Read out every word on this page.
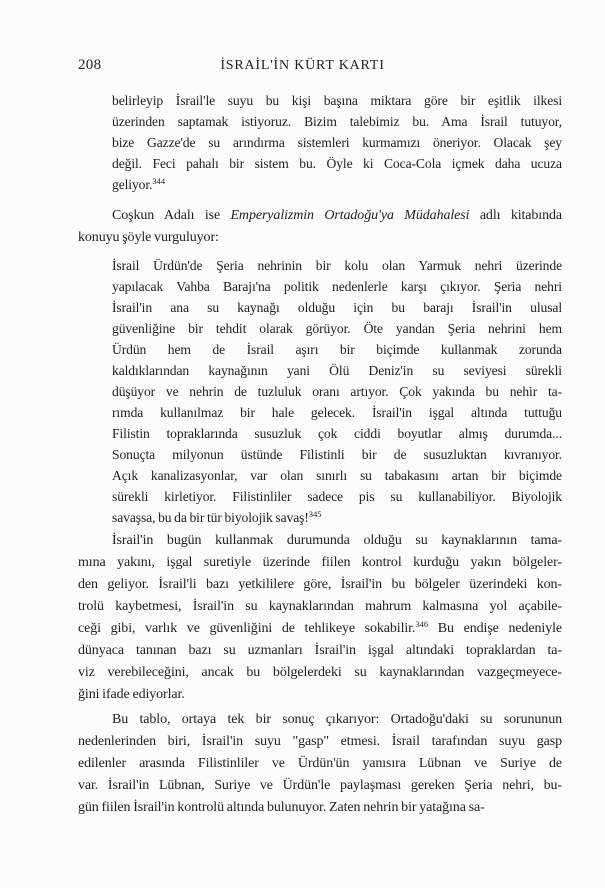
208	İSRAİL'İN KÜRT KARTI
belirleyip İsrail'le suyu bu kişi başına miktara göre bir eşitlik ilkesi
üzerinden saptamak istiyoruz. Bizim talebimiz bu. Ama İsrail tutuyor,
bize Gazze'de su arındırma sistemleri kurmamızı öneriyor. Olacak şey
değil. Feci pahalı bir sistem bu. Öyle ki Coca-Cola içmek daha ucuza
geliyor.$^{344}$
Coşkun Adalı ise Emperyalizmin Ortadoğu'ya Müdahalesi adlı kitabında
konuyu şöyle vurguluyor:
İsrail Ürdün'de Şeria nehrinin bir kolu olan Yarmuk nehri üzerinde
yapılacak Vahba Barajı'na politik nedenlerle karşı çıkıyor. Şeria nehri
İsrail'in ana su kaynağı olduğu için bu barajı İsrail'in ulusal
güvenliğine bir tehdit olarak görüyor. Öte yandan Şeria nehrini hem
Ürdün hem de İsrail aşırı bir biçimde kullanmak zorunda
kaldıklarından kaynağının yani Ölü Deniz'in su seviyesi sürekli
düşüyor ve nehrin de tuzluluk oranı artıyor. Çok yakında bu nehir ta-
rımda kullanılmaz bir hale gelecek. İsrail'in işgal altında tuttuğu
Filistin topraklarında susuzluk çok ciddi boyutlar almış durumda...
Sonuçta milyonun üstünde Filistinli bir de susuzluktan kıvranıyor.
Açık kanalizasyonlar, var olan sınırlı su tabakasını artan bir biçimde
sürekli kirletiyor. Filistinliler sadece pis su kullanabiliyor. Biyolojik
savaşsa, bu da bir tür biyolojik savaş!$^{345}$
İsrail'in bugün kullanmak durumunda olduğu su kaynaklarının tama-
mına yakını, işgal suretiyle üzerinde fiilen kontrol kurduğu yakın bölgeler-
den geliyor. İsrail'li bazı yetkililere göre, İsrail'in bu bölgeler üzerindeki kon-
trolü kaybetmesi, İsrail'in su kaynaklarından mahrum kalmasına yol açabile-
ceği gibi, varlık ve güvenliğini de tehlikeye sokabilir.$^{346}$ Bu endişe nedeniyle
dünyaca tanınan bazı su uzmanları İsrail'in işgal altındaki topraklardan ta-
viz verebileceğini, ancak bu bölgelerdeki su kaynaklarından vazgeçmeyece-
ğini ifade ediyorlar.
Bu tablo, ortaya tek bir sonuç çıkarıyor: Ortadoğu'daki su sorununun
nedenlerinden biri, İsrail'in suyu "gasp" etmesi. İsrail tarafından suyu gasp
edilenler arasında Filistinliler ve Ürdün'ün yanısıra Lübnan ve Suriye de
var. İsrail'in Lübnan, Suriye ve Ürdün'le paylaşması gereken Şeria nehri, bu-
gün fiilen İsrail'in kontrolü altında bulunuyor. Zaten nehrin bir yatağına sa-
